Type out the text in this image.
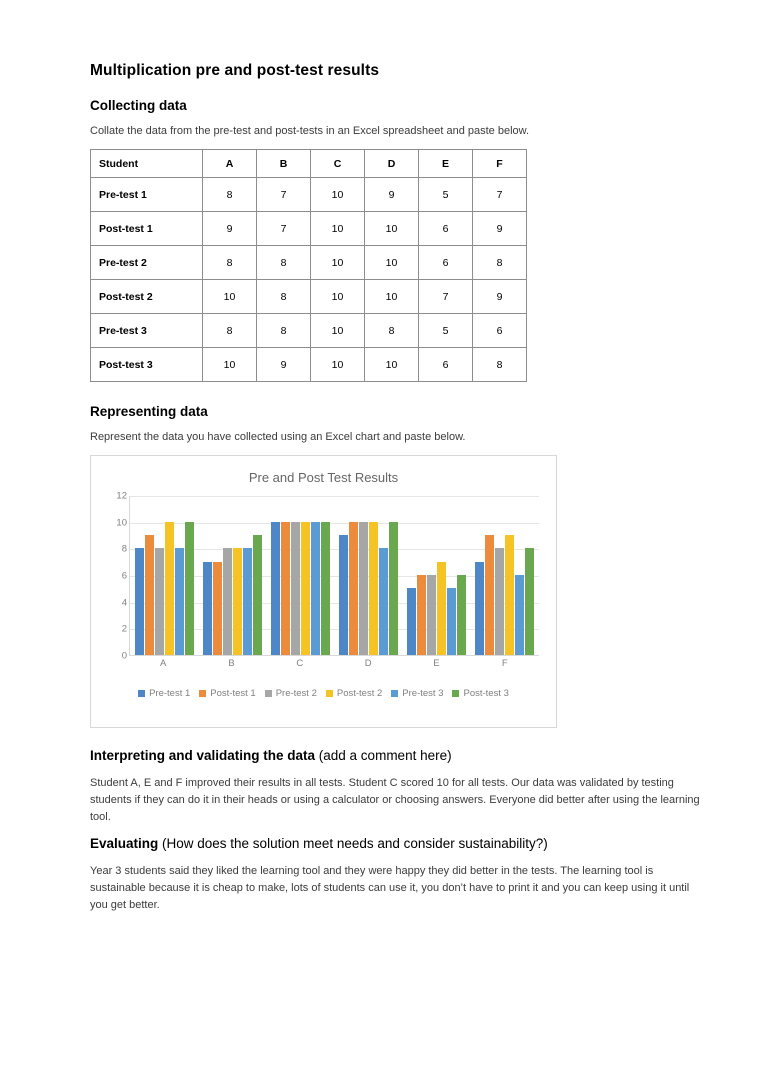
Multiplication pre and post-test results
Collecting data

Collate the data from the pre-test and post-tests in an Excel spreadsheet and paste below.

Student	A	B	C	D	E	F
Pre-test 1	8	7	10	9	5	7
Post-test 1	9	7	10	10	6	9
Pre-test 2	8	8	10	10	6	8
Post-test 2	10	8	10	10	7	9
Pre-test 3	8	8	10	8	5	6
Post-test 3	10	9	10	10	6	8
Representing data

Represent the data you have collected using an Excel chart and paste below.

Pre and Post Test Results
0
2
4
6
8
10
12
A	B	C	D	E	F
Pre-test 1 Post-test 1 Pre-test 2 Post-test 2 Pre-test 3 Post-test 3
Interpreting and validating the data (add a comment here)

Student A, E and F improved their results in all tests. Student C scored 10 for all tests. Our data was validated by testing students if they can do it in their heads or using a calculator or choosing answers. Everyone did better after using the learning tool.

Evaluating (How does the solution meet needs and consider sustainability?)

Year 3 students said they liked the learning tool and they were happy they did better in the tests. The learning tool is sustainable because it is cheap to make, lots of students can use it, you don’t have to print it and you can keep using it until you get better.
